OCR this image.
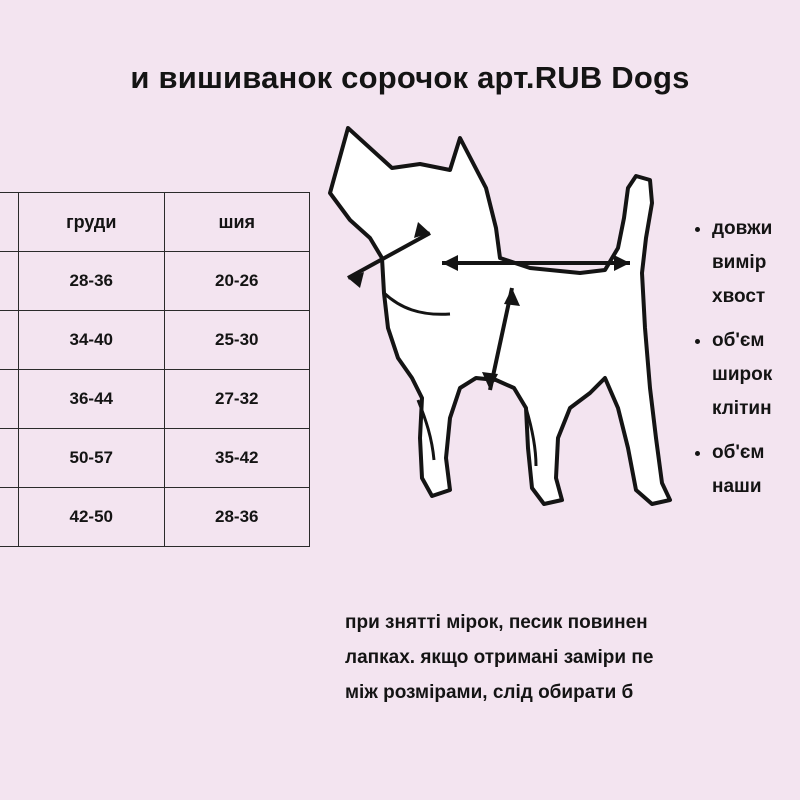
и вишиванок сорочок арт.RUB Dogs
	груди	шия
	28-36	20-26
	34-40	25-30
	36-44	27-32
	50-57	35-42
	42-50	28-36
• довжи
вимір
хвост
• об'єм
широк
клітин
• об'єм
наши
при знятті мірок, песик повинен
лапках. якщо отримані заміри пе
між розмірами, слід обирати б
